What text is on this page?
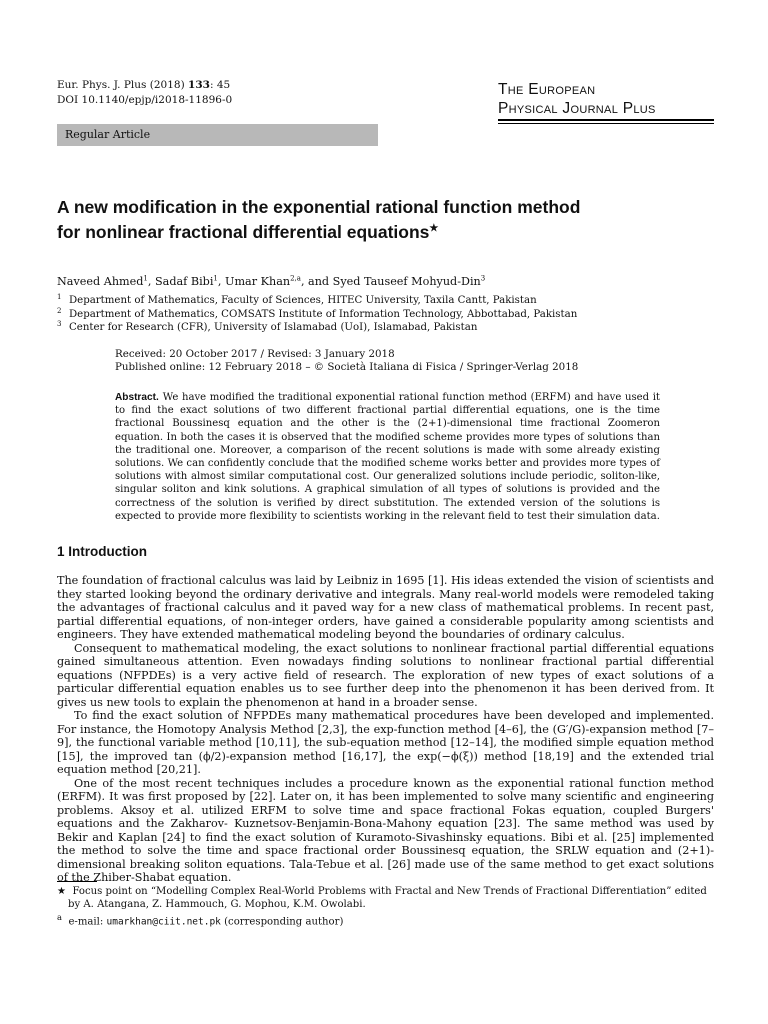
Eur. Phys. J. Plus (2018) 133: 45
DOI 10.1140/epjp/i2018-11896-0
The European
Physical Journal Plus
Regular Article
A new modification in the exponential rational function method
for nonlinear fractional differential equations★
Naveed Ahmed$^1$, Sadaf Bibi$^1$, Umar Khan$^{2,a}$, and Syed Tauseef Mohyud-Din$^3$
1 Department of Mathematics, Faculty of Sciences, HITEC University, Taxila Cantt, Pakistan
2 Department of Mathematics, COMSATS Institute of Information Technology, Abbottabad, Pakistan
3 Center for Research (CFR), University of Islamabad (UoI), Islamabad, Pakistan
Received: 20 October 2017 / Revised: 3 January 2018
Published online: 12 February 2018 – © Società Italiana di Fisica / Springer-Verlag 2018
Abstract. We have modified the traditional exponential rational function method (ERFM) and have used it to find the exact solutions of two different fractional partial differential equations, one is the time fractional Boussinesq equation and the other is the (2+1)-dimensional time fractional Zoomeron equation. In both the cases it is observed that the modified scheme provides more types of solutions than the traditional one. Moreover, a comparison of the recent solutions is made with some already existing solutions. We can confidently conclude that the modified scheme works better and provides more types of solutions with almost similar computational cost. Our generalized solutions include periodic, soliton-like, singular soliton and kink solutions. A graphical simulation of all types of solutions is provided and the correctness of the solution is verified by direct substitution. The extended version of the solutions is expected to provide more flexibility to scientists working in the relevant field to test their simulation data.
1 Introduction

The foundation of fractional calculus was laid by Leibniz in 1695 [1]. His ideas extended the vision of scientists and they started looking beyond the ordinary derivative and integrals. Many real-world models were remodeled taking the advantages of fractional calculus and it paved way for a new class of mathematical problems. In recent past, partial differential equations, of non-integer orders, have gained a considerable popularity among scientists and engineers. They have extended mathematical modeling beyond the boundaries of ordinary calculus.

Consequent to mathematical modeling, the exact solutions to nonlinear fractional partial differential equations gained simultaneous attention. Even nowadays finding solutions to nonlinear fractional partial differential equations (NFPDEs) is a very active field of research. The exploration of new types of exact solutions of a particular differential equation enables us to see further deep into the phenomenon it has been derived from. It gives us new tools to explain the phenomenon at hand in a broader sense.

To find the exact solution of NFPDEs many mathematical procedures have been developed and implemented. For instance, the Homotopy Analysis Method [2,3], the exp-function method [4–6], the (G′/G)-expansion method [7–9], the functional variable method [10,11], the sub-equation method [12–14], the modified simple equation method [15], the improved tan (ϕ/2)-expansion method [16,17], the exp(−ϕ(ξ)) method [18,19] and the extended trial equation method [20,21].

One of the most recent techniques includes a procedure known as the exponential rational function method (ERFM). It was first proposed by [22]. Later on, it has been implemented to solve many scientific and engineering problems. Aksoy et al. utilized ERFM to solve time and space fractional Fokas equation, coupled Burgers' equations and the Zakharov- Kuznetsov-Benjamin-Bona-Mahony equation [23]. The same method was used by Bekir and Kaplan [24] to find the exact solution of Kuramoto-Sivashinsky equations. Bibi et al. [25] implemented the method to solve the time and space fractional order Boussinesq equation, the SRLW equation and (2+1)-dimensional breaking soliton equations. Tala-Tebue et al. [26] made use of the same method to get exact solutions of the Zhiber-Shabat equation.

★ Focus point on “Modelling Complex Real-World Problems with Fractal and New Trends of Fractional Differentiation” edited by A. Atangana, Z. Hammouch, G. Mophou, K.M. Owolabi.

$^a$ e-mail: umarkhan@ciit.net.pk (corresponding author)
